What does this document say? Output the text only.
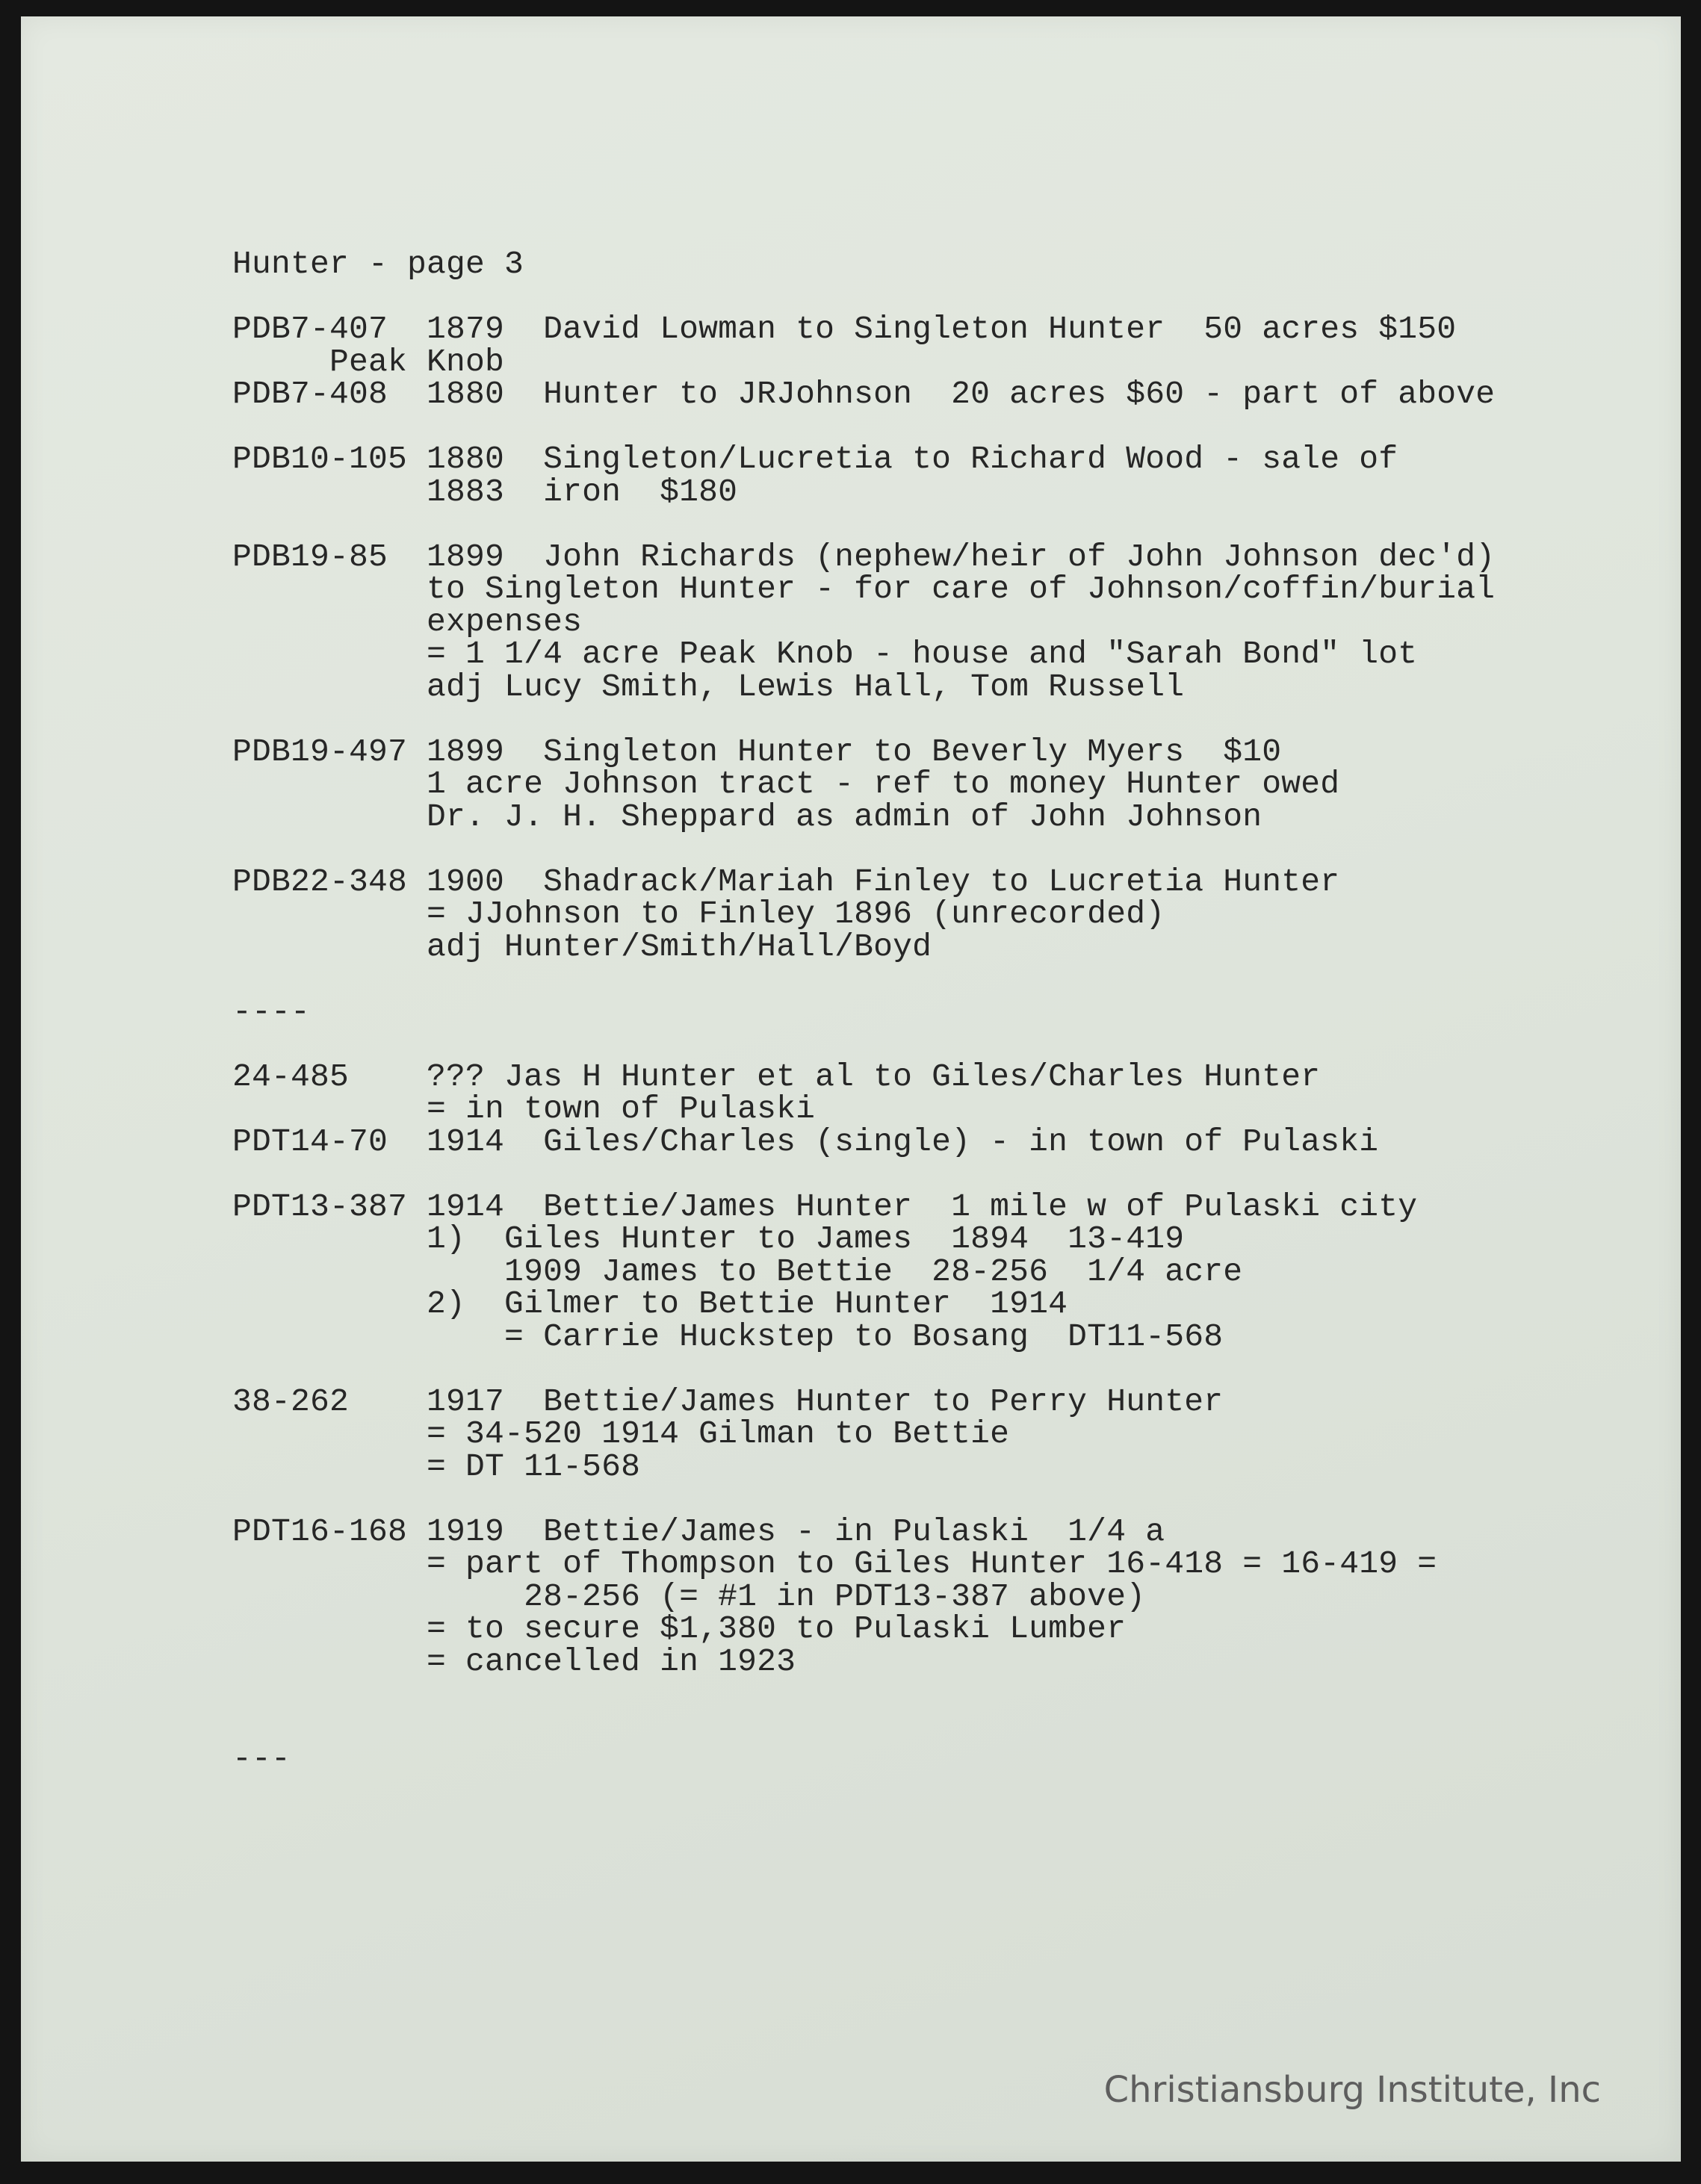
Hunter - page 3
PDB7-407  1879  David Lowman to Singleton Hunter  50 acres $150
Peak Knob
PDB7-408  1880  Hunter to JRJohnson  20 acres $60 - part of above
PDB10-105 1880  Singleton/Lucretia to Richard Wood - sale of
1883  iron  $180
PDB19-85  1899  John Richards (nephew/heir of John Johnson dec'd)
to Singleton Hunter - for care of Johnson/coffin/burial
expenses
= 1 1/4 acre Peak Knob - house and "Sarah Bond" lot
adj Lucy Smith, Lewis Hall, Tom Russell
PDB19-497 1899  Singleton Hunter to Beverly Myers  $10
1 acre Johnson tract - ref to money Hunter owed
Dr. J. H. Sheppard as admin of John Johnson
PDB22-348 1900  Shadrack/Mariah Finley to Lucretia Hunter
= JJohnson to Finley 1896 (unrecorded)
adj Hunter/Smith/Hall/Boyd
----
24-485    ??? Jas H Hunter et al to Giles/Charles Hunter
= in town of Pulaski
PDT14-70  1914  Giles/Charles (single) - in town of Pulaski
PDT13-387 1914  Bettie/James Hunter  1 mile w of Pulaski city
1)  Giles Hunter to James  1894  13-419
1909 James to Bettie  28-256  1/4 acre
2)  Gilmer to Bettie Hunter  1914
= Carrie Huckstep to Bosang  DT11-568
38-262    1917  Bettie/James Hunter to Perry Hunter
= 34-520 1914 Gilman to Bettie
= DT 11-568
PDT16-168 1919  Bettie/James - in Pulaski  1/4 a
= part of Thompson to Giles Hunter 16-418 = 16-419 =
28-256 (= #1 in PDT13-387 above)
= to secure $1,380 to Pulaski Lumber
= cancelled in 1923
---
Christiansburg Institute, Inc
